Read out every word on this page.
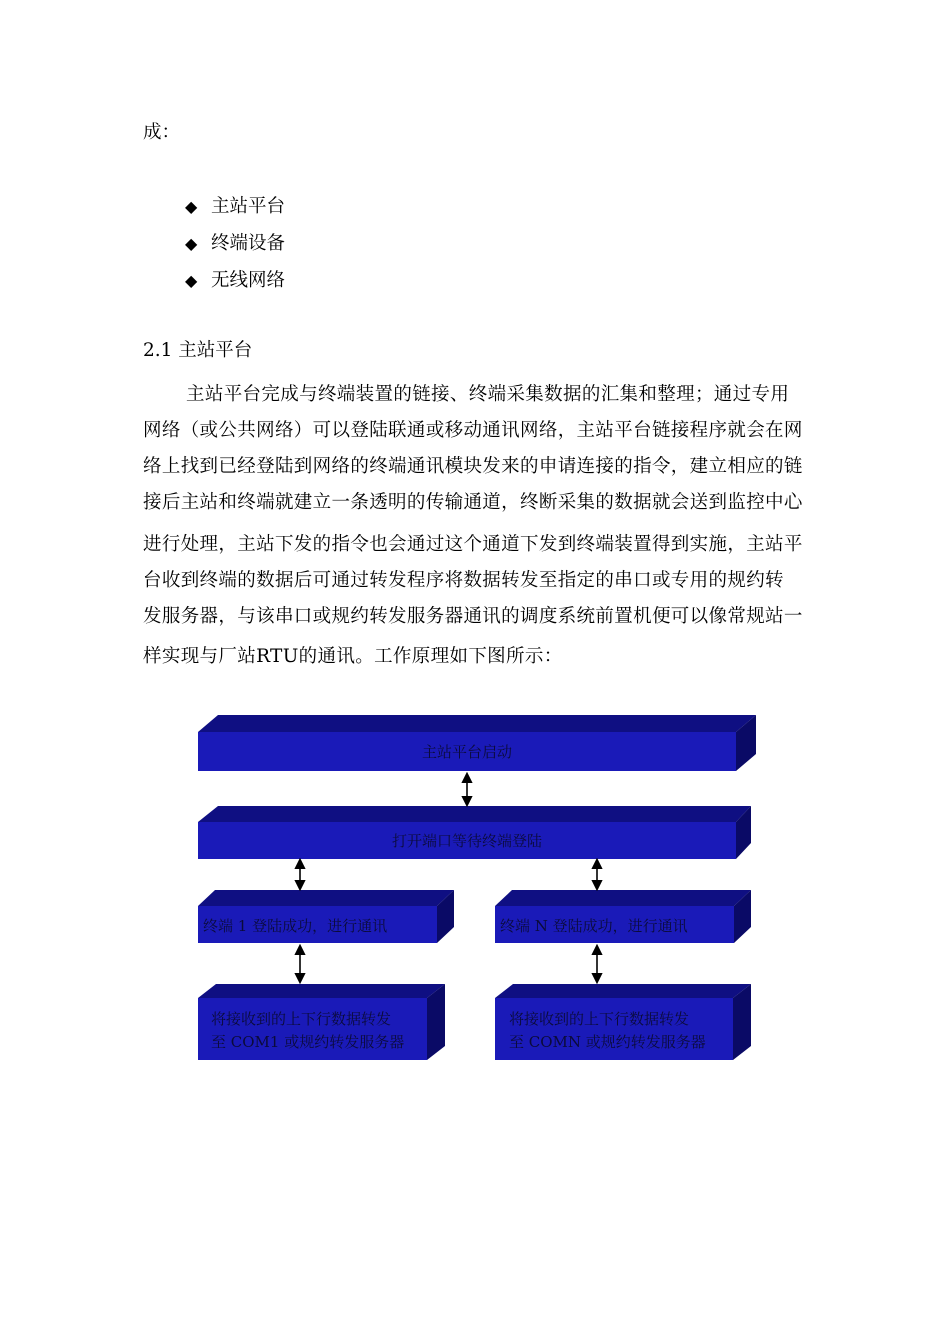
成：
◆ 主站平台
◆ 终端设备
◆ 无线网络
2.1 主站平台
主站平台完成与终端装置的链接、终端采集数据的汇集和整理；通过专用
网络（或公共网络）可以登陆联通或移动通讯网络，主站平台链接程序就会在网
络上找到已经登陆到网络的终端通讯模块发来的申请连接的指令，建立相应的链
接后主站和终端就建立一条透明的传输通道，终断采集的数据就会送到监控中心
进行处理，主站下发的指令也会通过这个通道下发到终端装置得到实施，主站平
台收到终端的数据后可通过转发程序将数据转发至指定的串口或专用的规约转
发服务器，与该串口或规约转发服务器通讯的调度系统前置机便可以像常规站一
样实现与厂站RTU的通讯。工作原理如下图所示：
主站平台启动
打开端口等待终端登陆
终端 1 登陆成功，进行通讯	终端 N 登陆成功，进行通讯
将接收到的上下行数据转发
至 COM1 或规约转发服务器
将接收到的上下行数据转发
至 COMN 或规约转发服务器
